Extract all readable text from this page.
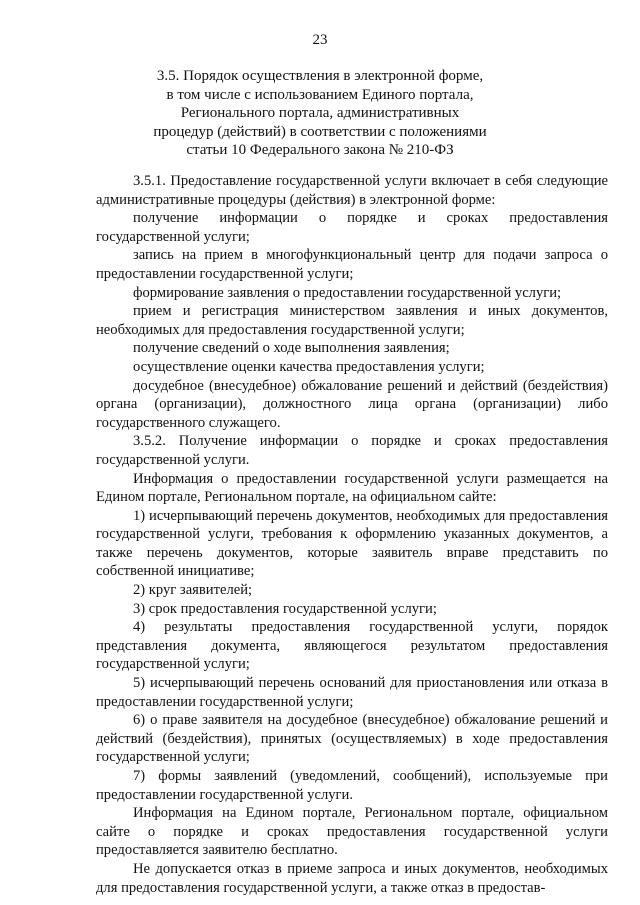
23
3.5. Порядок осуществления в электронной форме,
в том числе с использованием Единого портала,
Регионального портала, административных
процедур (действий) в соответствии с положениями
статьи 10 Федерального закона № 210-ФЗ

3.5.1. Предоставление государственной услуги включает в себя следующие административные процедуры (действия) в электронной форме:

получение информации о порядке и сроках предоставления государственной услуги;

запись на прием в многофункциональный центр для подачи запроса о предоставлении государственной услуги;

формирование заявления о предоставлении государственной услуги;

прием и регистрация министерством заявления и иных документов, необходимых для предоставления государственной услуги;

получение сведений о ходе выполнения заявления;

осуществление оценки качества предоставления услуги;

досудебное (внесудебное) обжалование решений и действий (бездействия) органа (организации), должностного лица органа (организации) либо государственного служащего.

3.5.2. Получение информации о порядке и сроках предоставления государственной услуги.

Информация о предоставлении государственной услуги размещается на Едином портале, Региональном портале, на официальном сайте:

1) исчерпывающий перечень документов, необходимых для предоставления государственной услуги, требования к оформлению указанных документов, а также перечень документов, которые заявитель вправе представить по собственной инициативе;

2) круг заявителей;

3) срок предоставления государственной услуги;

4) результаты предоставления государственной услуги, порядок представления документа, являющегося результатом предоставления государственной услуги;

5) исчерпывающий перечень оснований для приостановления или отказа в предоставлении государственной услуги;

6) о праве заявителя на досудебное (внесудебное) обжалование решений и действий (бездействия), принятых (осуществляемых) в ходе предоставления государственной услуги;

7) формы заявлений (уведомлений, сообщений), используемые при предоставлении государственной услуги.

Информация на Едином портале, Региональном портале, официальном сайте о порядке и сроках предоставления государственной услуги предоставляется заявителю бесплатно.

Не допускается отказ в приеме запроса и иных документов, необходимых для предоставления государственной услуги, а также отказ в предостав-
